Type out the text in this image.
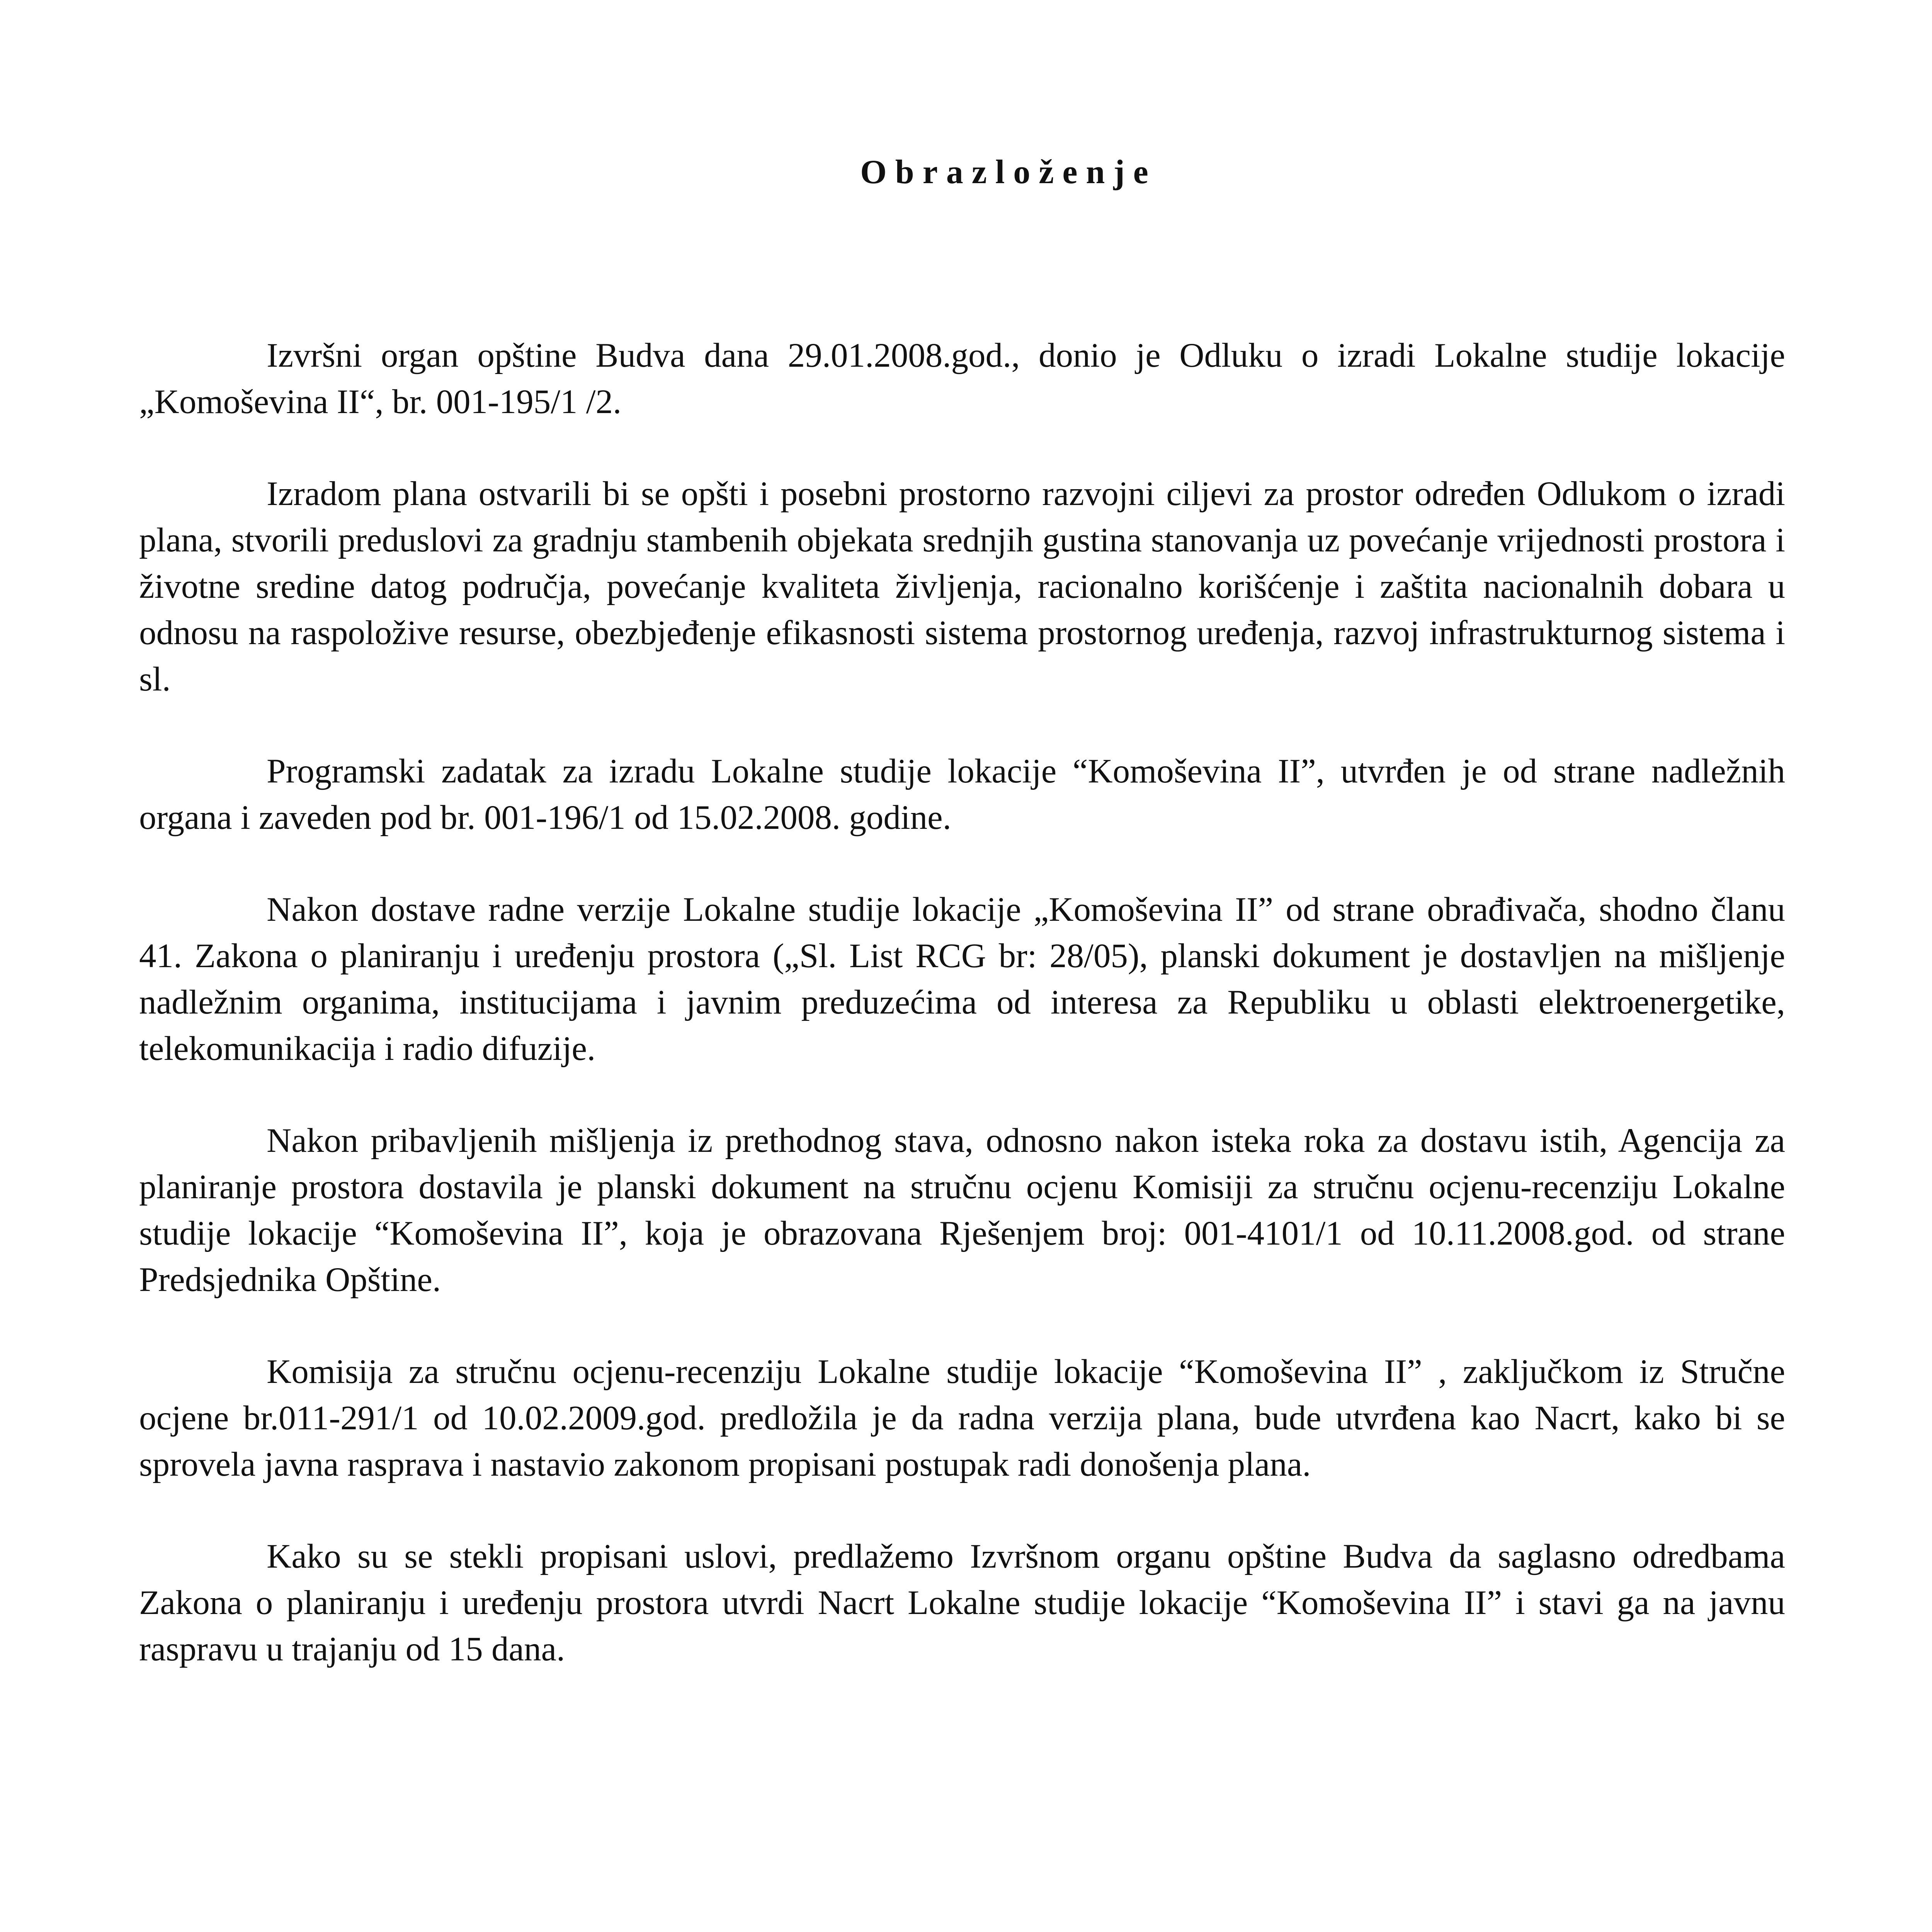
Obrazloženje

Izvršni organ opštine Budva dana 29.01.2008.god., donio je Odluku o izradi Lokalne studije lokacije „Komoševina II“, br. 001-195/1 /2.

Izradom plana ostvarili bi se opšti i posebni prostorno razvojni ciljevi za prostor određen Odlukom o izradi plana, stvorili preduslovi za gradnju stambenih objekata srednjih gustina stanovanja uz povećanje vrijednosti prostora i životne sredine datog područja, povećanje kvaliteta življenja, racionalno korišćenje i zaštita nacionalnih dobara u odnosu na raspoložive resurse, obezbjeđenje efikasnosti sistema prostornog uređenja, razvoj infrastrukturnog sistema i sl.

Programski zadatak za izradu Lokalne studije lokacije “Komoševina II”, utvrđen je od strane nadležnih organa i zaveden pod br. 001-196/1 od 15.02.2008. godine.

Nakon dostave radne verzije Lokalne studije lokacije „Komoševina II” od strane obrađivača, shodno članu 41. Zakona o planiranju i uređenju prostora („Sl. List RCG br: 28/05), planski dokument je dostavljen na mišljenje nadležnim organima, institucijama i javnim preduzećima od interesa za Republiku u oblasti elektroenergetike, telekomunikacija i radio difuzije.

Nakon pribavljenih mišljenja iz prethodnog stava, odnosno nakon isteka roka za dostavu istih, Agencija za planiranje prostora dostavila je planski dokument na stručnu ocjenu Komisiji za stručnu ocjenu-recenziju Lokalne studije lokacije “Komoševina II”, koja je obrazovana Rješenjem broj: 001-4101/1 od 10.11.2008.god. od strane Predsjednika Opštine.

Komisija za stručnu ocjenu-recenziju Lokalne studije lokacije “Komoševina II” , zaključkom iz Stručne ocjene br.011-291/1 od 10.02.2009.god. predložila je da radna verzija plana, bude utvrđena kao Nacrt, kako bi se sprovela javna rasprava i nastavio zakonom propisani postupak radi donošenja plana.

Kako su se stekli propisani uslovi, predlažemo Izvršnom organu opštine Budva da saglasno odredbama Zakona o planiranju i uređenju prostora utvrdi Nacrt Lokalne studije lokacije “Komoševina II” i stavi ga na javnu raspravu u trajanju od 15 dana.
